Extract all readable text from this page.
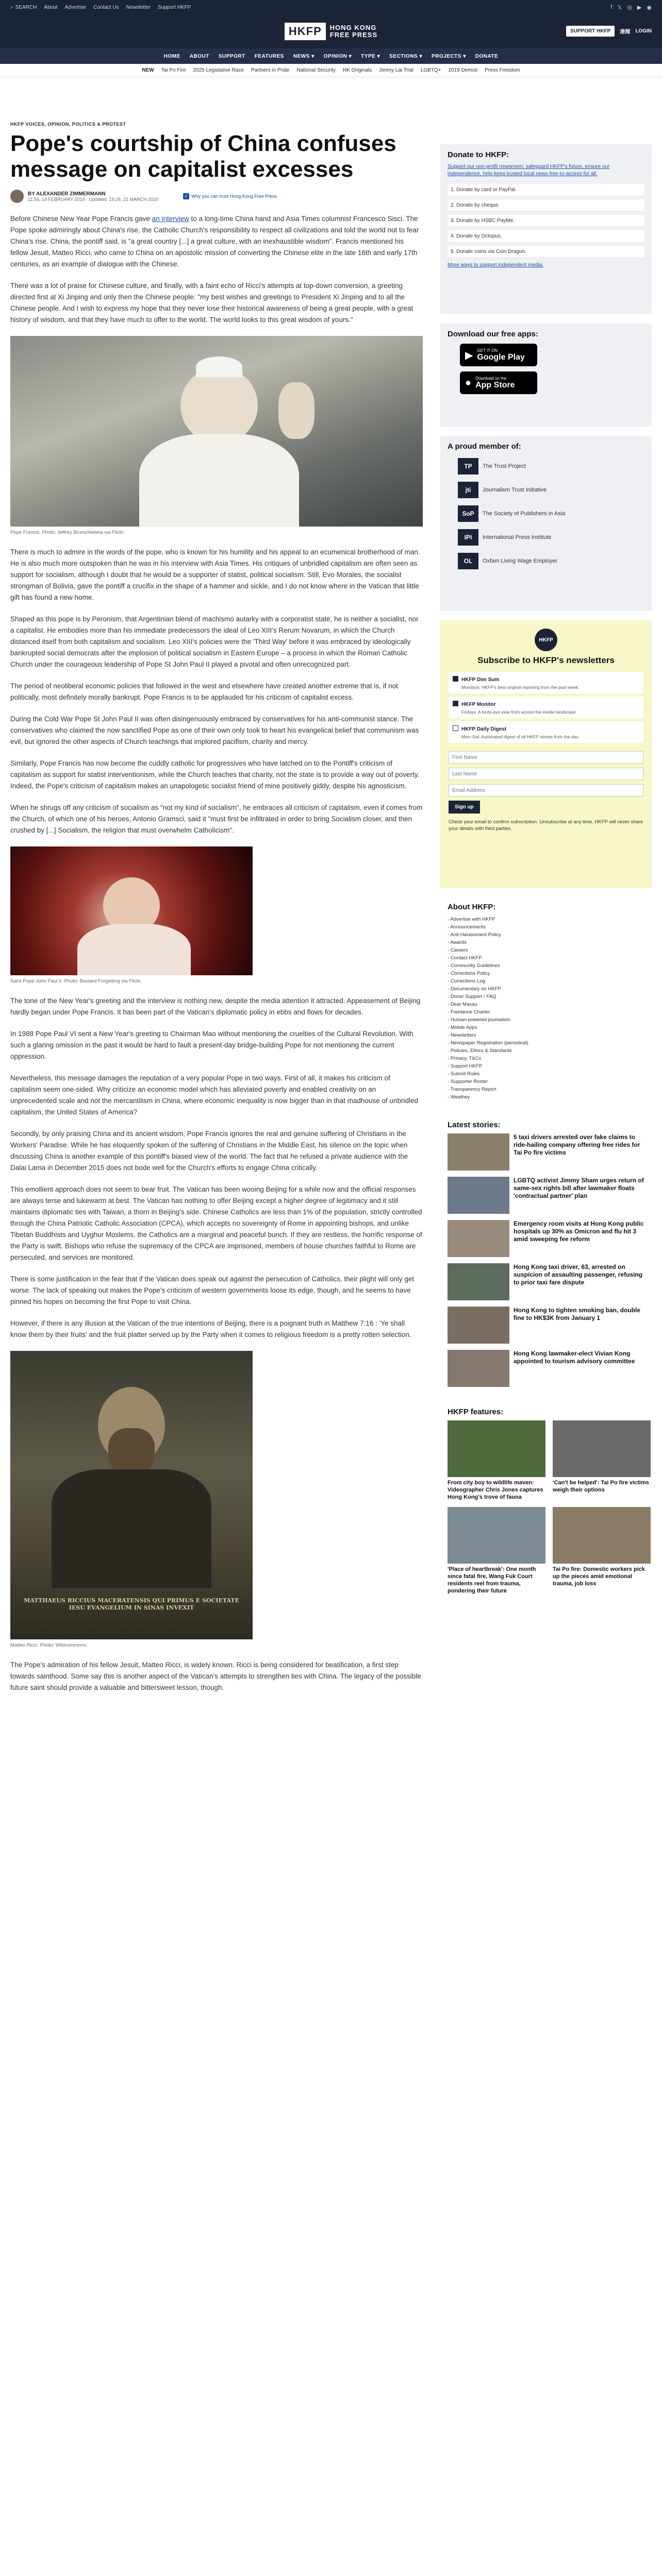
⌕ SEARCH About Advertise Contact Us Newsletter Support HKFP	f 𝕏 ◎ ▶ ◉
HKFP	HONG KONG
FREE PRESS	SUPPORT HKFP	港聞 LOGIN
HOME ABOUT SUPPORT FEATURES NEWS ▾ OPINION ▾ TYPE ▾ SECTIONS ▾ PROJECTS ▾ DONATE
NEW Tai Po Fire 2025 Legislative Race Partners in Pride National Security HK Originals Jimmy Lai Trial LGBTQ+ 2019 Demos Press Freedom
HKFP VOICES, OPINION, POLITICS & PROTEST
Pope's courtship of China confuses message on capitalist excesses
BY ALEXANDER ZIMMERMANN
11:55, 14 FEBRUARY 2016 · Updated: 19:26, 21 MARCH 2020
✓ Why you can trust Hong Kong Free Press

Before Chinese New Year Pope Francis gave an interview to a long-time China hand and Asia Times columnist Francesco Sisci. The Pope spoke admiringly about China's rise, the Catholic Church's responsibility to respect all civilizations and told the world not to fear China's rise. China, the pontiff said, is "a great country [...] a great culture, with an inexhaustible wisdom". Francis mentioned his fellow Jesuit, Matteo Ricci, who came to China on an apostolic mission of converting the Chinese elite in the late 16th and early 17th centuries, as an example of dialogue with the Chinese.

There was a lot of praise for Chinese culture, and finally, with a faint echo of Ricci's attempts at top-down conversion, a greeting directed first at Xi Jinping and only then the Chinese people: "my best wishes and greetings to President Xi Jinping and to all the Chinese people. And I wish to express my hope that they never lose their historical awareness of being a great people, with a great history of wisdom, and that they have much to offer to the world. The world looks to this great wisdom of yours."

Pope Francis. Photo: Jeffrey Bruno/Aleteia via Flickr.

There is much to admire in the words of the pope, who is known for his humility and his appeal to an ecumenical brotherhood of man. He is also much more outspoken than he was in his interview with Asia Times. His critiques of unbridled capitalism are often seen as support for socialism, although I doubt that he would be a supporter of statist, political socialism. Still, Evo Morales, the socialist strongman of Bolivia, gave the pontiff a crucifix in the shape of a hammer and sickle, and I do not know where in the Vatican that little gift has found a new home.

Shaped as this pope is by Peronism, that Argentinian blend of machismo autarky with a corporatist state, he is neither a socialist, nor a capitalist. He embodies more than his immediate predecessors the ideal of Leo XIII's Rerum Novarum, in which the Church distanced itself from both capitalism and socialism. Leo XIII's policies were the 'Third Way' before it was embraced by ideologically bankrupted social democrats after the implosion of political socialism in Eastern Europe – a process in which the Roman Catholic Church under the courageous leadership of Pope St John Paul II played a pivotal and often unrecognized part.

The period of neoliberal economic policies that followed in the west and elsewhere have created another extreme that is, if not politically, most definitely morally bankrupt. Pope Francis is to be applauded for his criticism of capitalist excess.

During the Cold War Pope St John Paul II was often disingenuously embraced by conservatives for his anti-communist stance. The conservatives who claimed the now sanctified Pope as one of their own only took to heart his evangelical belief that communism was evil, but ignored the other aspects of Church teachings that implored pacifism, charity and mercy.

Similarly, Pope Francis has now become the cuddly catholic for progressives who have latched on to the Pontiff's criticism of capitalism as support for statist interventionism, while the Church teaches that charity, not the state is to provide a way out of poverty. Indeed, the Pope's criticism of capitalism makes an unapologetic socialist friend of mine positively giddy, despite his agnosticism.

When he shrugs off any criticism of socialism as "not my kind of socialism", he embraces all criticism of capitalism, even if comes from the Church, of which one of his heroes, Antonio Gramsci, said it "must first be infiltrated in order to bring Socialism closer, and then crushed by [...] Socialism, the religion that must overwhelm Catholicism".

Saint Pope John Paul II. Photo: Bastard Forgetting via Flickr.

The tone of the New Year's greeting and the interview is nothing new, despite the media attention it attracted. Appeasement of Beijing hardly began under Pope Francis. It has been part of the Vatican's diplomatic policy in ebbs and flows for decades.

In 1988 Pope Paul VI sent a New Year's greeting to Chairman Mao without mentioning the cruelties of the Cultural Revolution. With such a glaring omission in the past it would be hard to fault a present-day bridge-building Pope for not mentioning the current oppression.

Nevertheless, this message damages the reputation of a very popular Pope in two ways. First of all, it makes his criticism of capitalism seem one-sided. Why criticize an economic model which has alleviated poverty and enabled creativity on an unprecedented scale and not the mercantilism in China, where economic inequality is now bigger than in that madhouse of unbridled capitalism, the United States of America?

Secondly, by only praising China and its ancient wisdom, Pope Francis ignores the real and genuine suffering of Christians in the Workers' Paradise. While he has eloquently spoken of the suffering of Christians in the Middle East, his silence on the topic when discussing China is another example of this pontiff's biased view of the world. The fact that he refused a private audience with the Dalai Lama in December 2015 does not bode well for the Church's efforts to engage China critically.

This emollient approach does not seem to bear fruit. The Vatican has been wooing Beijing for a while now and the official responses are always terse and lukewarm at best. The Vatican has nothing to offer Beijing except a higher degree of legitimacy and it still maintains diplomatic ties with Taiwan, a thorn in Beijing's side. Chinese Catholics are less than 1% of the population, strictly controlled through the China Patriotic Catholic Association (CPCA), which accepts no sovereignty of Rome in appointing bishops, and unlike Tibetan Buddhists and Uyghur Moslems, the Catholics are a marginal and peaceful bunch. If they are restless, the horrific response of the Party is swift. Bishops who refuse the supremacy of the CPCA are imprisoned, members of house churches faithful to Rome are persecuted, and services are monitored.

There is some justification in the fear that if the Vatican does speak out against the persecution of Catholics, their plight will only get worse. The lack of speaking out makes the Pope's criticism of western governments loose its edge, though, and he seems to have pinned his hopes on becoming the first Pope to visit China.

However, if there is any illusion at the Vatican of the true intentions of Beijing, there is a poignant truth in Matthew 7:16 : 'Ye shall know them by their fruits' and the fruit platter served up by the Party when it comes to religious freedom is a pretty rotten selection.

MATTHAEUS RICCIUS MACERATENSIS QUI PRIMUS E SOCIETATE IESU EVANGELIUM IN SINAS INVEXIT
Matteo Ricci. Photo: Wikicommons.

The Pope's admiration of his fellow Jesuit, Matteo Ricci, is widely known. Ricci is being considered for beatification, a first step towards sainthood. Some say this is another aspect of the Vatican's attempts to strengthen ties with China. The legacy of the possible future saint should provide a valuable and bittersweet lesson, though.

Donate to HKFP:
Support our non-profit newsroom: safeguard HKFP's future, ensure our independence, help keep trusted local news free-to-access for all.
1. Donate by card or PayPal.
2. Donate by cheque.
3. Donate by HSBC PayMe.
4. Donate by Octopus.
5. Donate coins via Coin Dragon.
More ways to support independent media.
Download our free apps:
▶ GET IT ON
Google Play
● Download on the
App Store
A proud member of:
TP	The Trust Project
jti	Journalism Trust Initiative
SoP	The Society of Publishers in Asia
IPI	International Press Institute
OL	Oxfam Living Wage Employer
HKFP
Subscribe to HKFP's newsletters
HKFP Dim Sum
Mondays: HKFP's best original reporting from the past week.
HKFP Monitor
Fridays: A birds-eye view from across the media landscape.
HKFP Daily Digest
Mon–Sat: Automated digest of all HKFP stories from the day.
First Name Last Name Email Address Sign up
Check your email to confirm subscription. Unsubscribe at any time. HKFP will never share your details with third parties.
About HKFP:
› Advertise with HKFP
› Announcements
› Anti-Harassment Policy
› Awards
› Careers
› Contact HKFP
› Community Guidelines
› Corrections Policy
› Corrections Log
› Documentary on HKFP
› Donor Support / FAQ
› Dear Macau
› Freelance Charter
› Human-powered journalism
› Mobile Apps
› Newsletters
› Newspaper Registration (periodical)
› Policies, Ethics & Standards
› Privacy, T&Cs
› Support HKFP
› Submit Rules
› Supporter Roster
› Transparency Report
› Weathey
Latest stories:
5 taxi drivers arrested over fake claims to ride-hailing company offering free rides for Tai Po fire victims
LGBTQ activist Jimmy Sham urges return of same-sex rights bill after lawmaker floats 'contractual partner' plan
Emergency room visits at Hong Kong public hospitals up 30% as Omicron and flu hit 3 amid sweeping fee reform
Hong Kong taxi driver, 63, arrested on suspicion of assaulting passenger, refusing to prior taxi fare dispute
Hong Kong to tighten smoking ban, double fine to HK$3K from January 1
Hong Kong lawmaker-elect Vivian Kong appointed to tourism advisory committee
HKFP features:
From city boy to wildlife maven: Videographer Chris Jones captures Hong Kong's trove of fauna
'Can't be helped': Tai Po fire victims weigh their options
'Place of heartbreak': One month since fatal fire, Wang Fuk Court residents reel from trauma, pondering their future
Tai Po fire: Domestic workers pick up the pieces amid emotional trauma, job loss
